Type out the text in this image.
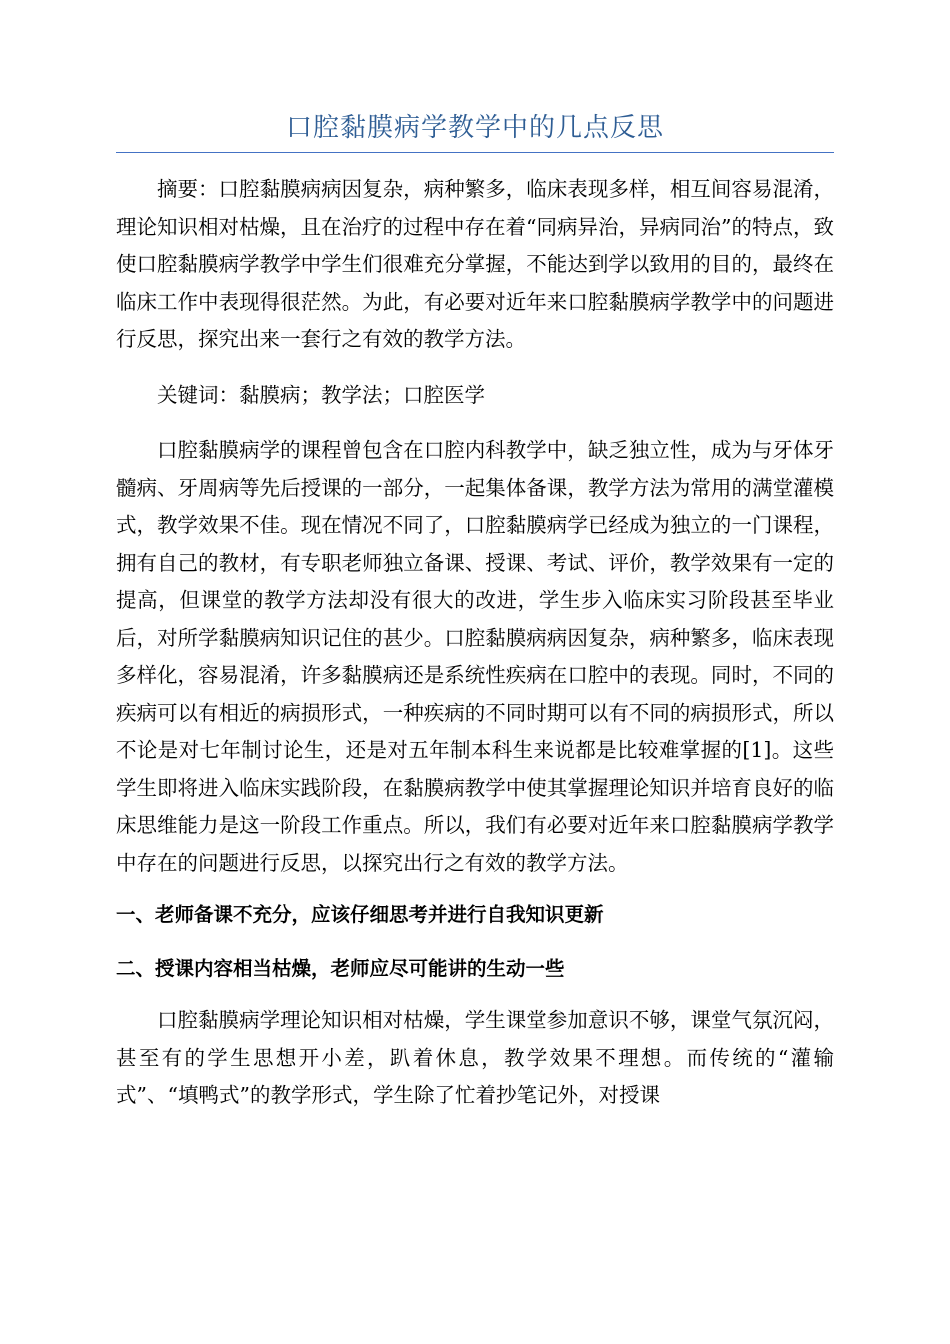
口腔黏膜病学教学中的几点反思

摘要：口腔黏膜病病因复杂，病种繁多，临床表现多样，相互间容易混淆，理论知识相对枯燥，且在治疗的过程中存在着“同病异治，异病同治”的特点，致使口腔黏膜病学教学中学生们很难充分掌握，不能达到学以致用的目的，最终在临床工作中表现得很茫然。为此，有必要对近年来口腔黏膜病学教学中的问题进行反思，探究出来一套行之有效的教学方法。

关键词：黏膜病；教学法；口腔医学

口腔黏膜病学的课程曾包含在口腔内科教学中，缺乏独立性，成为与牙体牙髓病、牙周病等先后授课的一部分，一起集体备课，教学方法为常用的满堂灌模式，教学效果不佳。现在情况不同了，口腔黏膜病学已经成为独立的一门课程，拥有自己的教材，有专职老师独立备课、授课、考试、评价，教学效果有一定的提高，但课堂的教学方法却没有很大的改进，学生步入临床实习阶段甚至毕业后，对所学黏膜病知识记住的甚少。口腔黏膜病病因复杂，病种繁多，临床表现多样化，容易混淆，许多黏膜病还是系统性疾病在口腔中的表现。同时，不同的疾病可以有相近的病损形式，一种疾病的不同时期可以有不同的病损形式，所以不论是对七年制讨论生，还是对五年制本科生来说都是比较难掌握的[1]。这些学生即将进入临床实践阶段，在黏膜病教学中使其掌握理论知识并培育良好的临床思维能力是这一阶段工作重点。所以，我们有必要对近年来口腔黏膜病学教学中存在的问题进行反思，以探究出行之有效的教学方法。

一、老师备课不充分，应该仔细思考并进行自我知识更新
二、授课内容相当枯燥，老师应尽可能讲的生动一些

口腔黏膜病学理论知识相对枯燥，学生课堂参加意识不够，课堂气氛沉闷，甚至有的学生思想开小差，趴着休息，教学效果不理想。而传统的“灌输式”、“填鸭式”的教学形式，学生除了忙着抄笔记外，对授课
